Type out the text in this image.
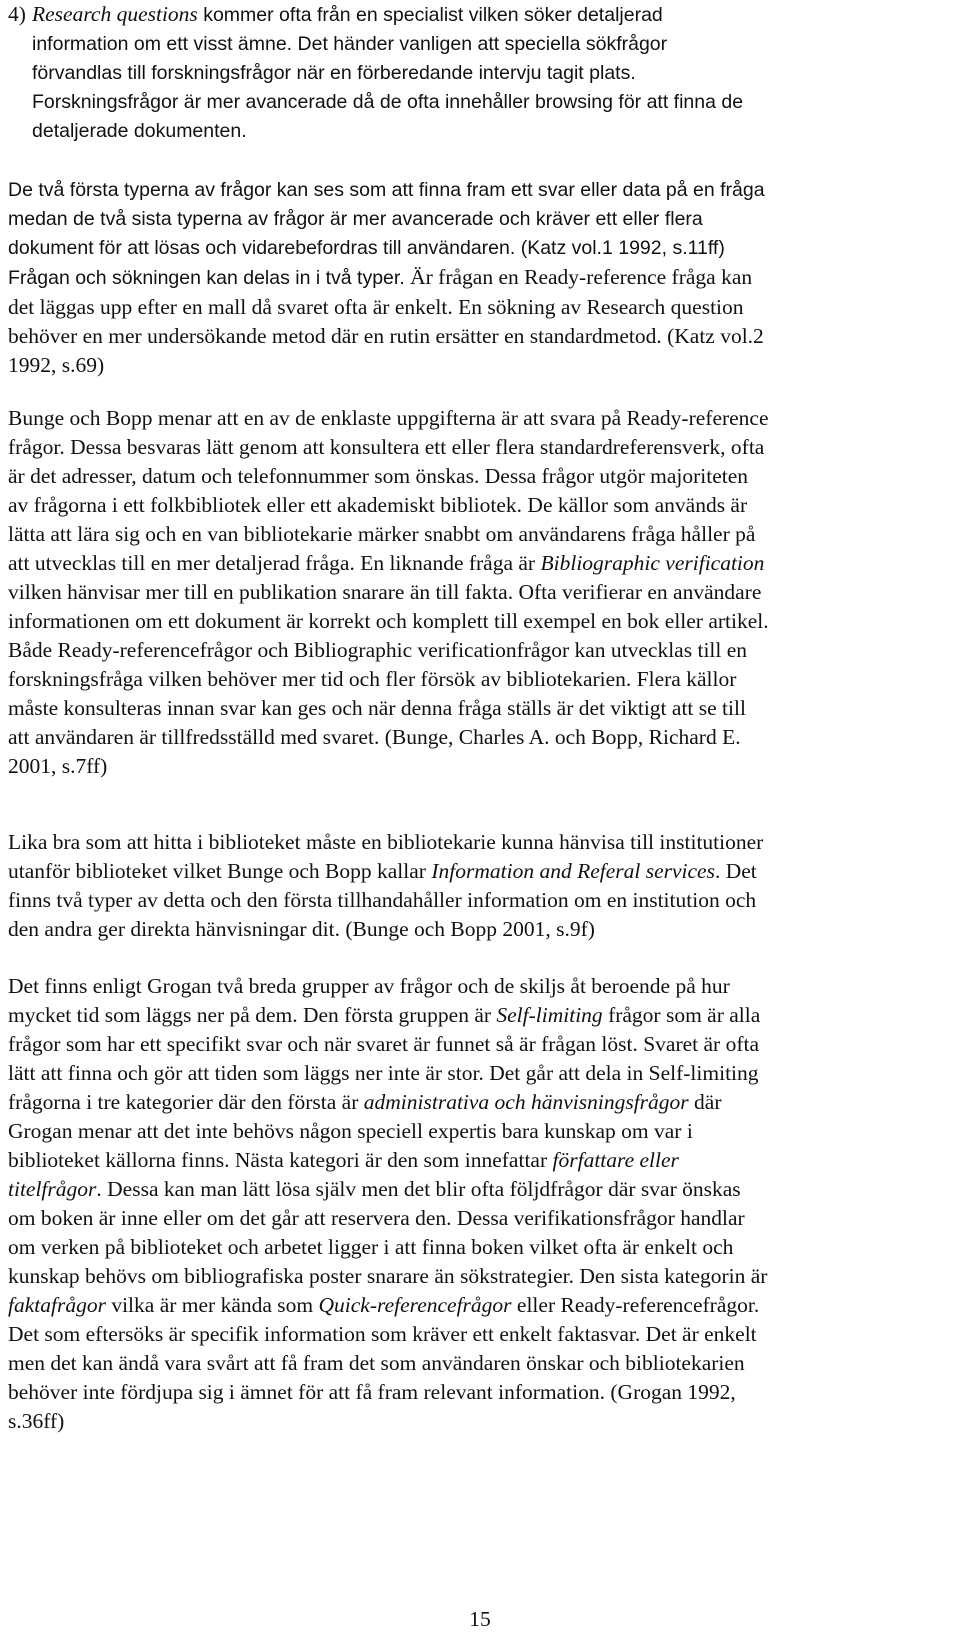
4) Research questions kommer ofta från en specialist vilken söker detaljerad
information om ett visst ämne. Det händer vanligen att speciella sökfrågor
förvandlas till forskningsfrågor när en förberedande intervju tagit plats.
Forskningsfrågor är mer avancerade då de ofta innehåller browsing för att finna de
detaljerade dokumenten.
De två första typerna av frågor kan ses som att finna fram ett svar eller data på en fråga
medan de två sista typerna av frågor är mer avancerade och kräver ett eller flera
dokument för att lösas och vidarebefordras till användaren. (Katz vol.1 1992, s.11ff)
Frågan och sökningen kan delas in i två typer. Är frågan en Ready-reference fråga kan
det läggas upp efter en mall då svaret ofta är enkelt. En sökning av Research question
behöver en mer undersökande metod där en rutin ersätter en standardmetod. (Katz vol.2
1992, s.69)
Bunge och Bopp menar att en av de enklaste uppgifterna är att svara på Ready-reference
frågor. Dessa besvaras lätt genom att konsultera ett eller flera standardreferensverk, ofta
är det adresser, datum och telefonnummer som önskas. Dessa frågor utgör majoriteten
av frågorna i ett folkbibliotek eller ett akademiskt bibliotek. De källor som används är
lätta att lära sig och en van bibliotekarie märker snabbt om användarens fråga håller på
att utvecklas till en mer detaljerad fråga. En liknande fråga är Bibliographic verification
vilken hänvisar mer till en publikation snarare än till fakta. Ofta verifierar en användare
informationen om ett dokument är korrekt och komplett till exempel en bok eller artikel.
Både Ready-referencefrågor och Bibliographic verificationfrågor kan utvecklas till en
forskningsfråga vilken behöver mer tid och fler försök av bibliotekarien. Flera källor
måste konsulteras innan svar kan ges och när denna fråga ställs är det viktigt att se till
att användaren är tillfredsställd med svaret. (Bunge, Charles A. och Bopp, Richard E.
2001, s.7ff)
Lika bra som att hitta i biblioteket måste en bibliotekarie kunna hänvisa till institutioner
utanför biblioteket vilket Bunge och Bopp kallar Information and Referal services. Det
finns två typer av detta och den första tillhandahåller information om en institution och
den andra ger direkta hänvisningar dit. (Bunge och Bopp 2001, s.9f)
Det finns enligt Grogan två breda grupper av frågor och de skiljs åt beroende på hur
mycket tid som läggs ner på dem. Den första gruppen är Self-limiting frågor som är alla
frågor som har ett specifikt svar och när svaret är funnet så är frågan löst. Svaret är ofta
lätt att finna och gör att tiden som läggs ner inte är stor. Det går att dela in Self-limiting
frågorna i tre kategorier där den första är administrativa och hänvisningsfrågor där
Grogan menar att det inte behövs någon speciell expertis bara kunskap om var i
biblioteket källorna finns. Nästa kategori är den som innefattar författare eller
titelfrågor. Dessa kan man lätt lösa själv men det blir ofta följdfrågor där svar önskas
om boken är inne eller om det går att reservera den. Dessa verifikationsfrågor handlar
om verken på biblioteket och arbetet ligger i att finna boken vilket ofta är enkelt och
kunskap behövs om bibliografiska poster snarare än sökstrategier. Den sista kategorin är
faktafrågor vilka är mer kända som Quick-referencefrågor eller Ready-referencefrågor.
Det som eftersöks är specifik information som kräver ett enkelt faktasvar. Det är enkelt
men det kan ändå vara svårt att få fram det som användaren önskar och bibliotekarien
behöver inte fördjupa sig i ämnet för att få fram relevant information. (Grogan 1992,
s.36ff)
15
